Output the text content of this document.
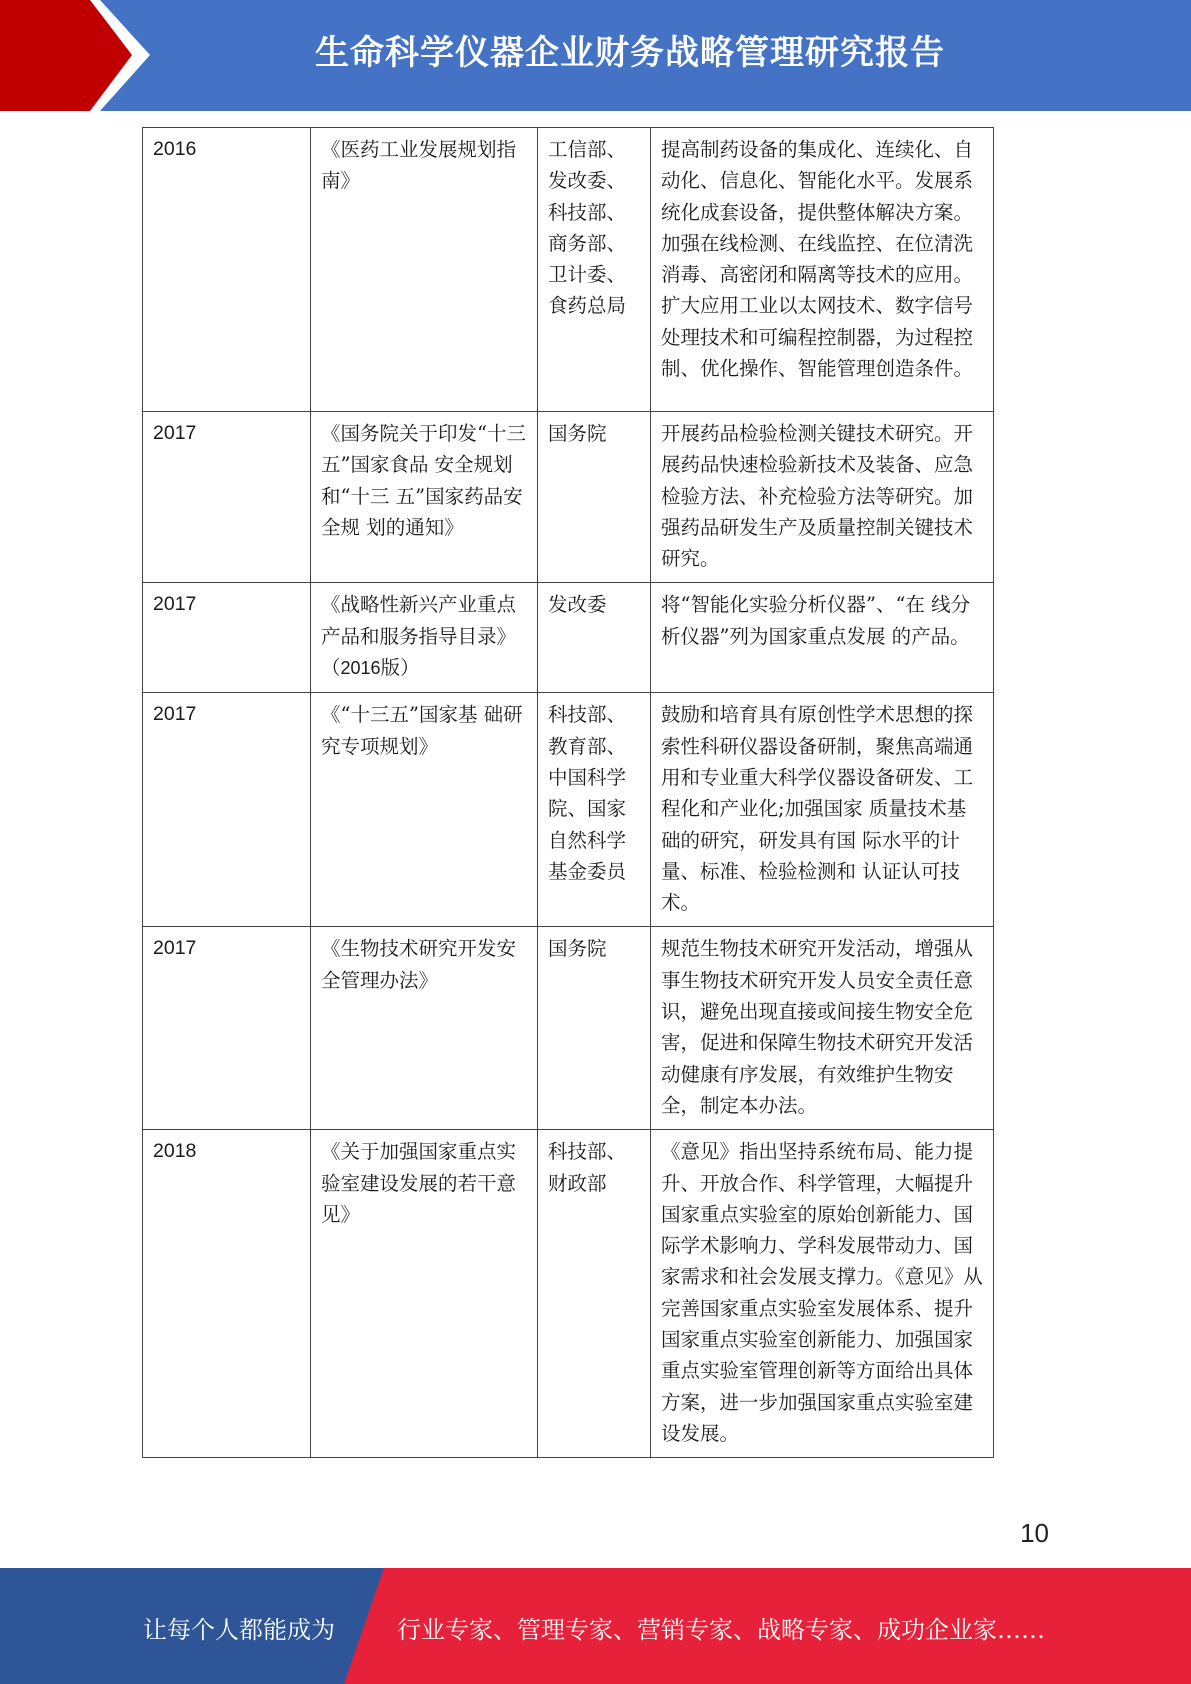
生命科学仪器企业财务战略管理研究报告
2016	《医药工业发展规划指南》	工信部、发改委、科技部、商务部、卫计委、食药总局	提高制药设备的集成化、连续化、自动化、信息化、智能化水平。发展系统化成套设备，提供整体解决方案。加强在线检测、在线监控、在位清洗消毒、高密闭和隔离等技术的应用。扩大应用工业以太网技术、数字信号处理技术和可编程控制器，为过程控制、优化操作、智能管理创造条件。
2017	《国务院关于印发“十三五”国家食品 安全规划和“十三 五”国家药品安全规 划的通知》	国务院	开展药品检验检测关键技术研究。开展药品快速检验新技术及装备、应急检验方法、补充检验方法等研究。加强药品研发生产及质量控制关键技术研究。
2017	《战略性新兴产业重点产品和服务指导目录》（2016版）	发改委	将“智能化实验分析仪器”、“在 线分析仪器”列为国家重点发展 的产品。
2017	《“十三五”国家基 础研究专项规划》	科技部、教育部、中国科学院、国家自然科学基金委员	鼓励和培育具有原创性学术思想的探索性科研仪器设备研制，聚焦高端通用和专业重大科学仪器设备研发、工程化和产业化;加强国家 质量技术基础的研究，研发具有国 际水平的计量、标准、检验检测和 认证认可技术。
2017	《生物技术研究开发安全管理办法》	国务院	规范生物技术研究开发活动，增强从事生物技术研究开发人员安全责任意识，避免出现直接或间接生物安全危害，促进和保障生物技术研究开发活动健康有序发展，有效维护生物安全，制定本办法。
2018	《关于加强国家重点实验室建设发展的若干意见》	科技部、财政部	《意见》指出坚持系统布局、能力提升、开放合作、科学管理，大幅提升国家重点实验室的原始创新能力、国际学术影响力、学科发展带动力、国家需求和社会发展支撑力。《意见》从完善国家重点实验室发展体系、提升国家重点实验室创新能力、加强国家重点实验室管理创新等方面给出具体方案，进一步加强国家重点实验室建设发展。
10
让每个人都能成为	行业专家、管理专家、营销专家、战略专家、成功企业家……
